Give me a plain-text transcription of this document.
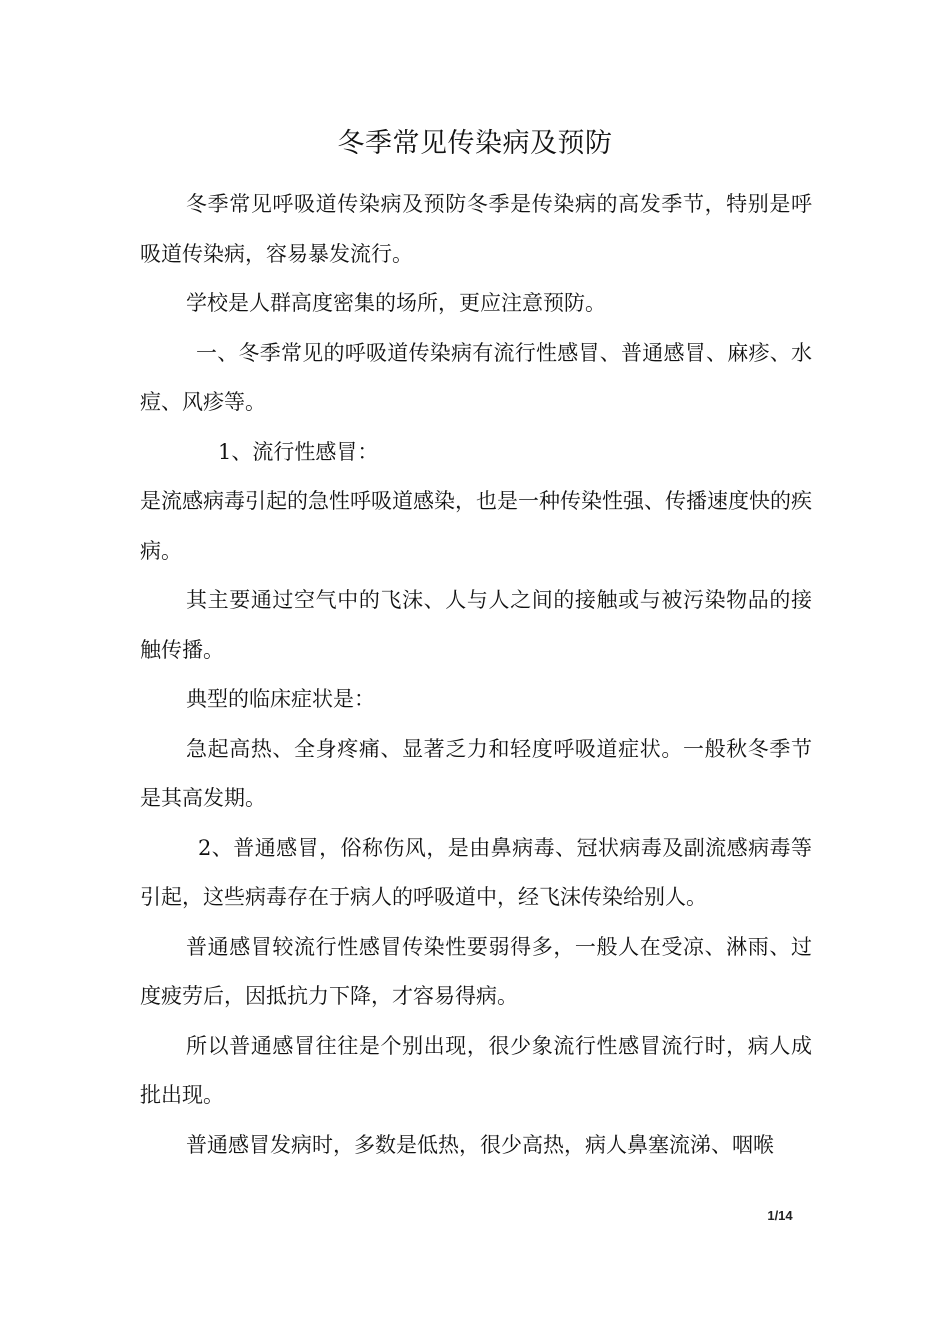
冬季常见传染病及预防

冬季常见呼吸道传染病及预防冬季是传染病的高发季节，特别是呼吸道传染病，容易暴发流行。

学校是人群高度密集的场所，更应注意预防。

一、冬季常见的呼吸道传染病有流行性感冒、普通感冒、麻疹、水痘、风疹等。

1、流行性感冒：

是流感病毒引起的急性呼吸道感染，也是一种传染性强、传播速度快的疾病。

其主要通过空气中的飞沫、人与人之间的接触或与被污染物品的接触传播。

典型的临床症状是：

急起高热、全身疼痛、显著乏力和轻度呼吸道症状。一般秋冬季节是其高发期。

2、普通感冒，俗称伤风，是由鼻病毒、冠状病毒及副流感病毒等引起，这些病毒存在于病人的呼吸道中，经飞沫传染给别人。

普通感冒较流行性感冒传染性要弱得多，一般人在受凉、淋雨、过度疲劳后，因抵抗力下降，才容易得病。

所以普通感冒往往是个别出现，很少象流行性感冒流行时，病人成批出现。

普通感冒发病时，多数是低热，很少高热，病人鼻塞流涕、咽喉

1/14
